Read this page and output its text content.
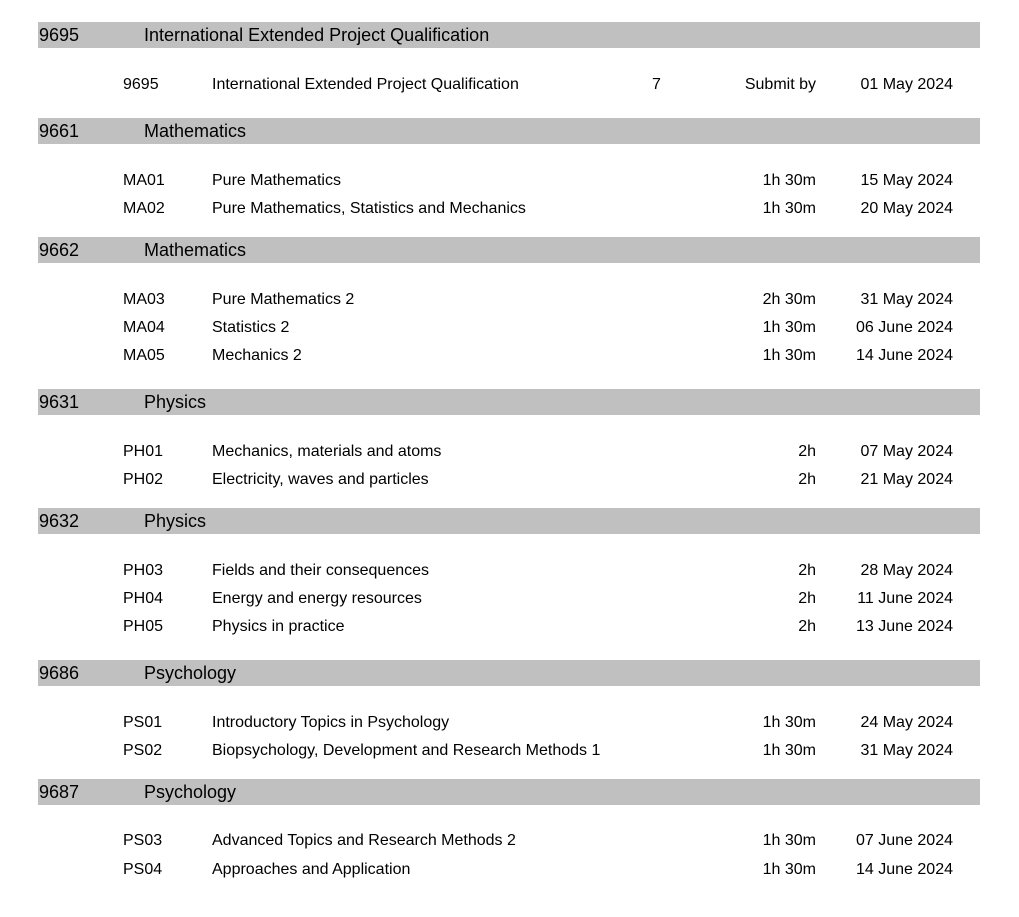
9695	International Extended Project Qualification
9695	International Extended Project Qualification	7	Submit by	01 May 2024
9661	Mathematics
MA01	Pure Mathematics	1h 30m	15 May 2024
MA02	Pure Mathematics, Statistics and Mechanics	1h 30m	20 May 2024
9662	Mathematics
MA03	Pure Mathematics 2	2h 30m	31 May 2024
MA04	Statistics 2	1h 30m	06 June 2024
MA05	Mechanics 2	1h 30m	14 June 2024
9631	Physics
PH01	Mechanics, materials and atoms	2h	07 May 2024
PH02	Electricity, waves and particles	2h	21 May 2024
9632	Physics
PH03	Fields and their consequences	2h	28 May 2024
PH04	Energy and energy resources	2h	11 June 2024
PH05	Physics in practice	2h	13 June 2024
9686	Psychology
PS01	Introductory Topics in Psychology	1h 30m	24 May 2024
PS02	Biopsychology, Development and Research Methods 1	1h 30m	31 May 2024
9687	Psychology
PS03	Advanced Topics and Research Methods 2	1h 30m	07 June 2024
PS04	Approaches and Application	1h 30m	14 June 2024
